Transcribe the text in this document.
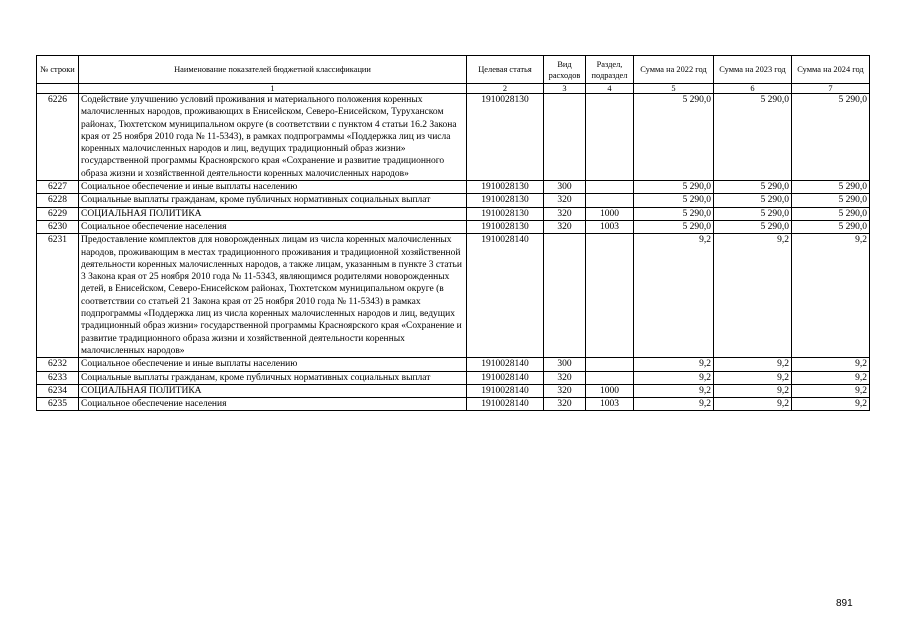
№ строки	Наименование показателей бюджетной классификации	Целевая статья	Вид расходов	Раздел, подраздел	Сумма на 2022 год	Сумма на 2023 год	Сумма на 2024 год
	1	2	3	4	5	6	7
6226	Содействие улучшению условий проживания и материального положения коренных малочисленных народов, проживающих в Енисейском, Северо-Енисейском, Туруханском районах, Тюхтетском муниципальном округе (в соответствии с пунктом 4 статьи 16.2 Закона края от 25 ноября 2010 года № 11-5343), в рамках подпрограммы «Поддержка лиц из числа коренных малочисленных народов и лиц, ведущих традиционный образ жизни» государственной программы Красноярского края «Сохранение и развитие традиционного образа жизни и хозяйственной деятельности коренных малочисленных народов»	1910028130			5 290,0	5 290,0	5 290,0
6227	Социальное обеспечение и иные выплаты населению	1910028130	300		5 290,0	5 290,0	5 290,0
6228	Социальные выплаты гражданам, кроме публичных нормативных социальных выплат	1910028130	320		5 290,0	5 290,0	5 290,0
6229	СОЦИАЛЬНАЯ ПОЛИТИКА	1910028130	320	1000	5 290,0	5 290,0	5 290,0
6230	Социальное обеспечение населения	1910028130	320	1003	5 290,0	5 290,0	5 290,0
6231	Предоставление комплектов для новорожденных лицам из числа коренных малочисленных народов, проживающим в местах традиционного проживания и традиционной хозяйственной деятельности коренных малочисленных народов, а также лицам, указанным в пункте 3 статьи 3 Закона края от 25 ноября 2010 года № 11-5343, являющимся родителями новорожденных детей, в Енисейском, Северо-Енисейском районах, Тюхтетском муниципальном округе (в соответствии со статьей 21 Закона края от 25 ноября 2010 года № 11-5343) в рамках подпрограммы «Поддержка лиц из числа коренных малочисленных народов и лиц, ведущих традиционный образ жизни» государственной программы Красноярского края «Сохранение и развитие традиционного образа жизни и хозяйственной деятельности коренных малочисленных народов»	1910028140			9,2	9,2	9,2
6232	Социальное обеспечение и иные выплаты населению	1910028140	300		9,2	9,2	9,2
6233	Социальные выплаты гражданам, кроме публичных нормативных социальных выплат	1910028140	320		9,2	9,2	9,2
6234	СОЦИАЛЬНАЯ ПОЛИТИКА	1910028140	320	1000	9,2	9,2	9,2
6235	Социальное обеспечение населения	1910028140	320	1003	9,2	9,2	9,2
891
